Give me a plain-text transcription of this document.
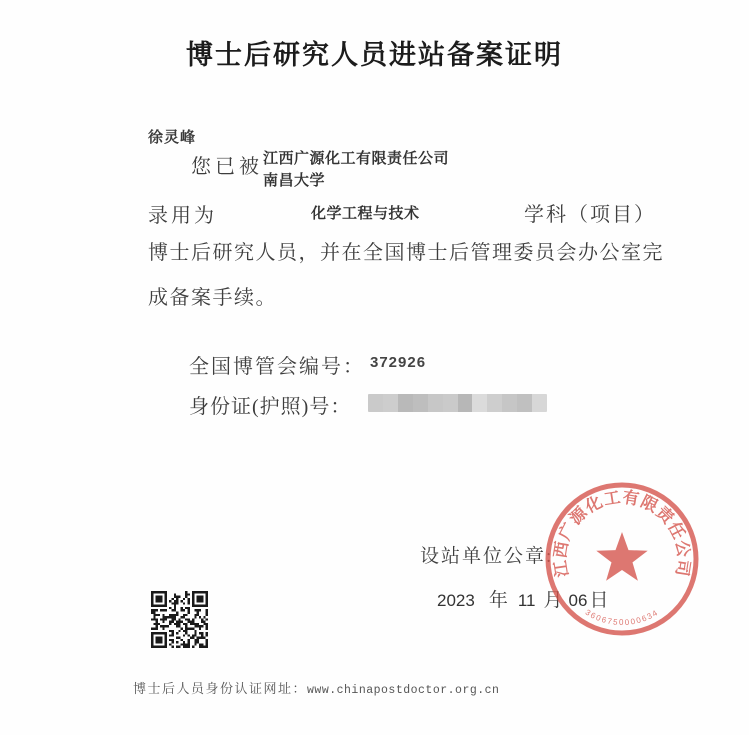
博士后研究人员进站备案证明
徐灵峰
您已被 江西广源化工有限责任公司
南昌大学
录用为	化学工程与技术	学科（项目）
博士后研究人员，并在全国博士后管理委员会办公室完
成备案手续。
全国博管会编号： 372926
身份证(护照)号：
设站单位公章:
2023 年 11 月 06 日
江西广源化工有限责任公司
3606750000634
博士后人员身份认证网址：www.chinapostdoctor.org.cn
